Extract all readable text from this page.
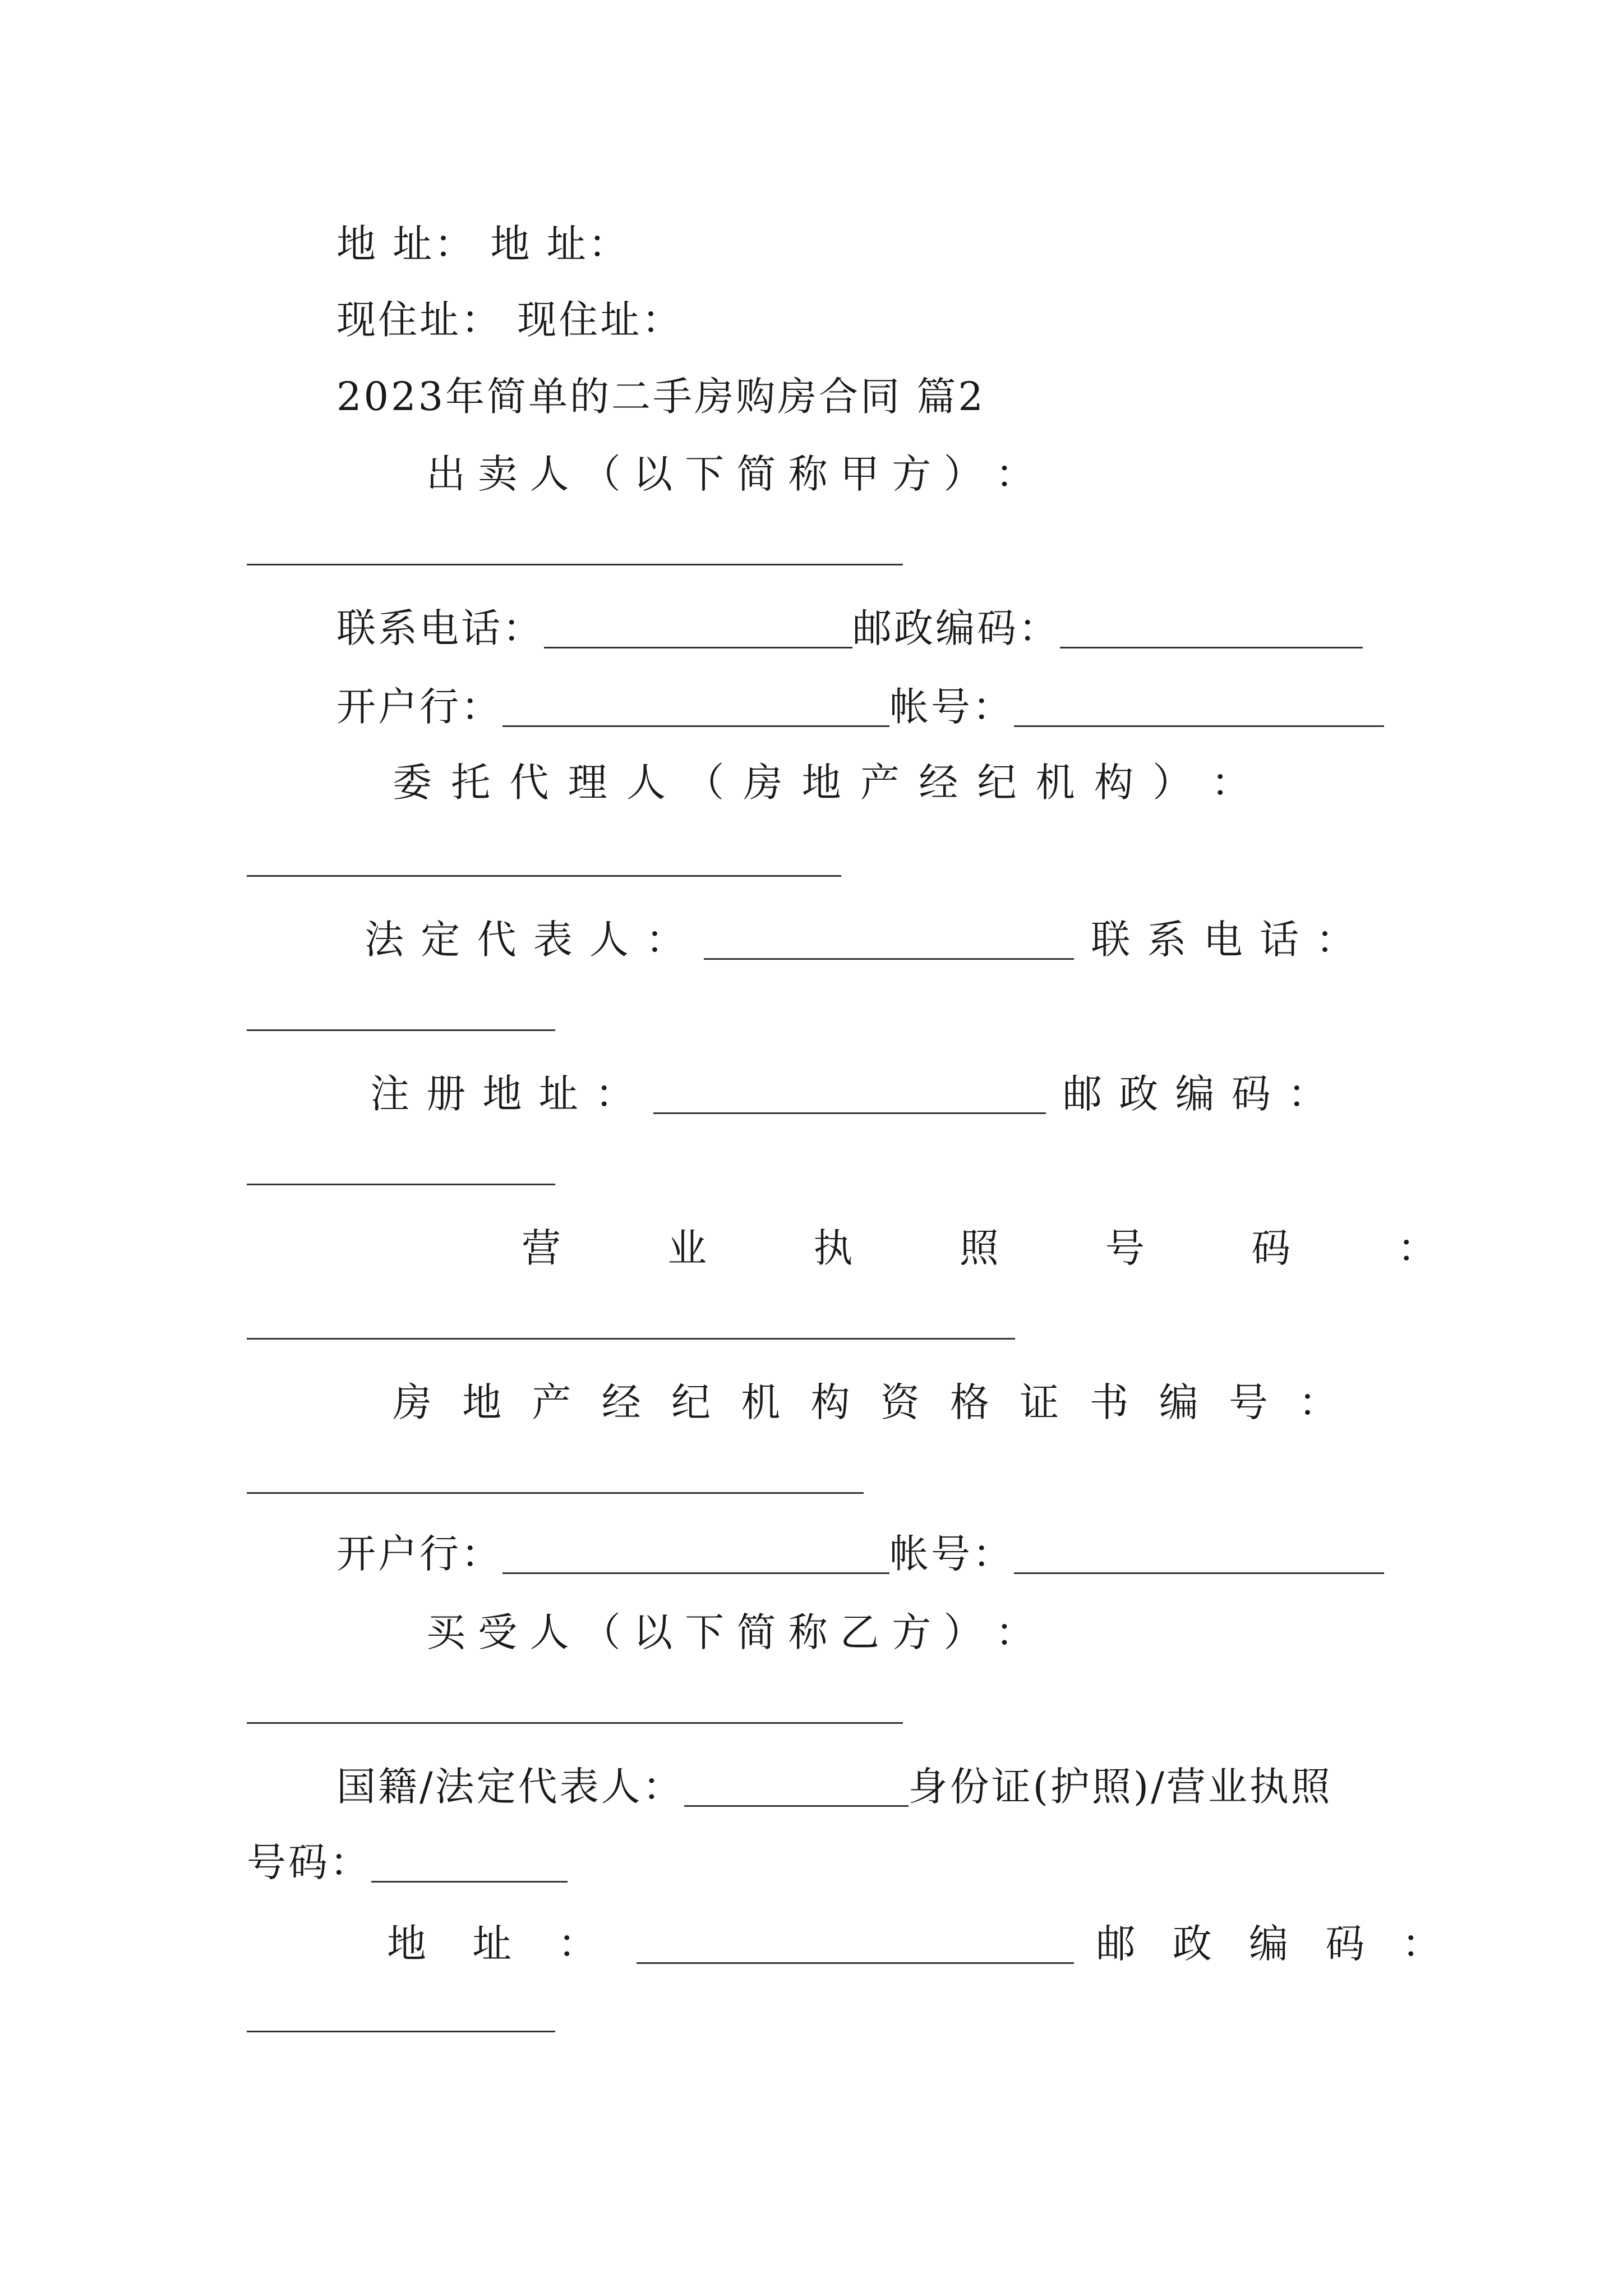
地 址： 地 址：
现住址： 现住址：
2023年简单的二手房购房合同 篇2
出 卖 人 （ 以 下 简 称 甲 方 ） ：
联系电话：	邮政编码：
开户行：	帐号：
委 托 代 理 人 （ 房 地 产 经 纪 机 构 ） ：
法 定 代 表 人 ：	联 系 电 话 ：
注 册 地 址 ：	邮 政 编 码 ：
营 业 执 照 号 码 ：
房 地 产 经 纪 机 构 资 格 证 书 编 号 ：
开户行：	帐号：
买 受 人 （ 以 下 简 称 乙 方 ） ：
国籍/法定代表人：	身份证(护照)/营业执照
号码：
地 址 ：	邮 政 编 码 ：
